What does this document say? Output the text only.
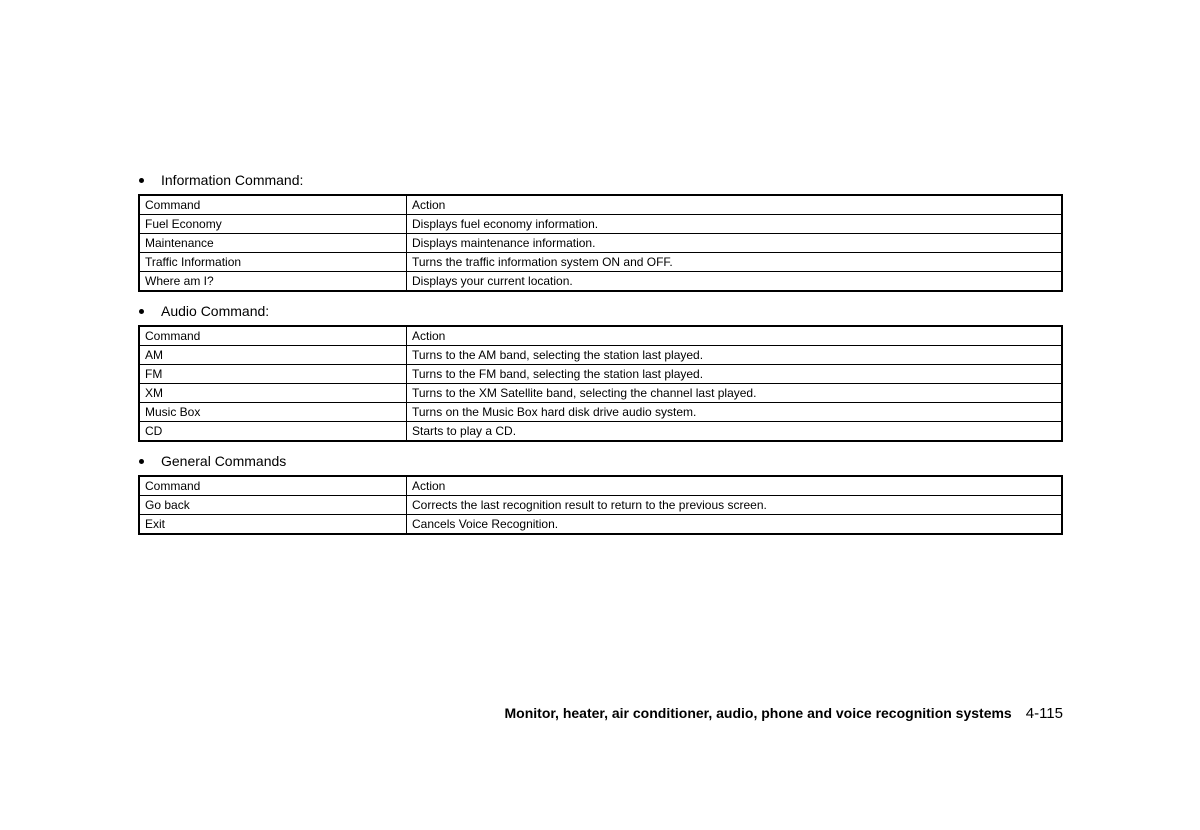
Information Command:
Command	Action
Fuel Economy	Displays fuel economy information.
Maintenance	Displays maintenance information.
Traffic Information	Turns the traffic information system ON and OFF.
Where am I?	Displays your current location.
Audio Command:
Command	Action
AM	Turns to the AM band, selecting the station last played.
FM	Turns to the FM band, selecting the station last played.
XM	Turns to the XM Satellite band, selecting the channel last played.
Music Box	Turns on the Music Box hard disk drive audio system.
CD	Starts to play a CD.
General Commands
Command	Action
Go back	Corrects the last recognition result to return to the previous screen.
Exit	Cancels Voice Recognition.
Monitor, heater, air conditioner, audio, phone and voice recognition systems 4-115
